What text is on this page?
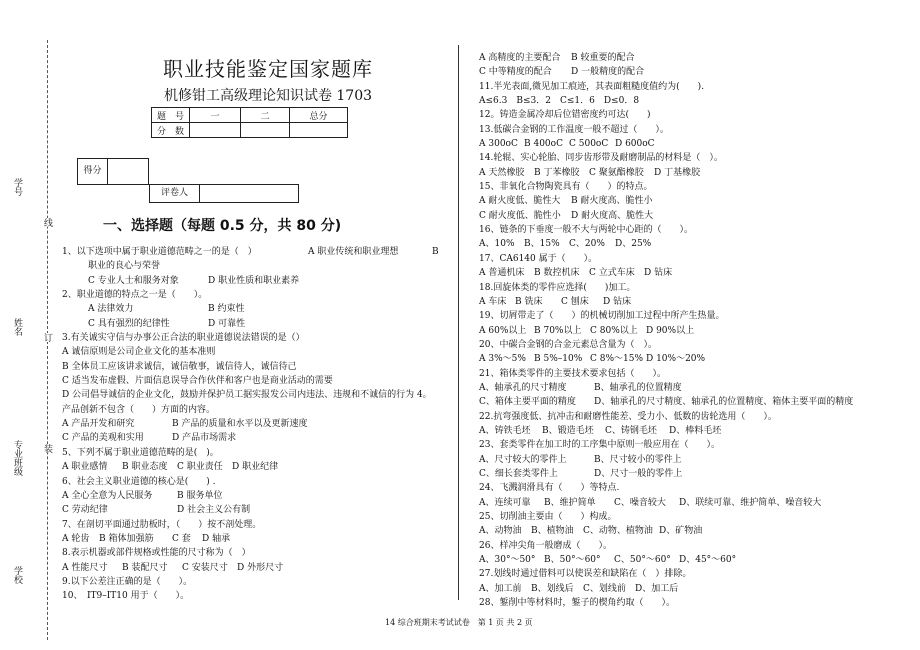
学号
姓名
专业班级
学校
线
订
装
职业技能鉴定国家题库
机修钳工高级理论知识试卷 1703
题　号	一	二	总分
分　数			
得分
评卷人
一、选择题（每题 0.5 分，共 80 分)
1、以下选项中属于职业道德范畴之一的是（　）	A 职业传统和职业理想	B
职业的良心与荣誉
C 专业人士和服务对象	D 职业性质和职业素养
2、职业道德的特点之一是（　　）。
A 法律效力	B 约束性
C 具有强烈的纪律性	D 可靠性
3.有关诚实守信与办事公正合法的职业道德说法错误的是（）
A 诚信原则是公司企业文化的基本准则
B 全体员工应该讲求诚信，诚信敬事，诚信待人，诚信待己
C 适当发布虚假、片面信息误导合作伙伴和客户也是商业活动的需要
D 公司倡导诚信的企业文化，鼓励并保护员工据实报发公司内违法、违规和不诚信的行为 4。
产品创新不包含（　　）方面的内容。
A 产品开发和研究	B 产品的质量和水平以及更新速度
C 产品的美观和实用	D 产品市场需求
5、下列不属于职业道德范畴的是(　)。
A 职业感情 B 职业态度 C 职业责任 D 职业纪律
6、社会主义职业道德的核心是(　　) .
A 全心全意为人民服务	B 服务单位
C 劳动纪律	D 社会主义公有制
7、在剖切平面通过肋板时，（　　）按不剖处理。
A 轮齿 B 箱体加强筋 C 套 D 轴承
8.表示机器或部件规格或性能的尺寸称为（　）
A 性能尺寸 B 装配尺寸 C 安装尺寸 D 外形尺寸
9.以下公差注正确的是（　　）。
10、　IT9–IT10 用于（　　）。
A 高精度的主要配合 B 较重要的配合
C 中等精度的配合 D 一般精度的配合
11.半光表面,微见加工痕迹，其表面粗糙度值约为(　　).
A≤6.3　B≤3．2　C≤1．6　D≤0．8
12。铸造金属冷却后位错密度约可达(　　)
13.低碳合金钢的工作温度一般不超过（　　）。
A 300oC B 400oC C 500oC D 600oC
14.轮辊、实心轮胎、同步齿形带及耐磨制品的材料是（　）。
A 天然橡胶 B 丁苯橡胶 C 聚氨酯橡胶 D 丁基橡胶
15、非氧化合物陶瓷具有（　　）的特点。
A 耐火度低、脆性大 B 耐火度高、脆性小
C 耐火度低、脆性小 D 耐火度高、脆性大
16、链条的下垂度一般不大与两轮中心距的（　　）。
A、10% B、15% C、20% D、25%
17、CA6140 属于（　　）。
A 普通机床 B 数控机床 C 立式车床 D 钻床
18.回旋体类的零件应选择(　　)加工。
A 车床 B 铣床 C 刨床 D 钻床
19、切屑带走了（　　）的机械切削加工过程中所产生热量。
A 60%以上 B 70%以上 C 80%以上 D 90%以上
20、中碳合金钢的合金元素总含量为（　）。
A 3%～5% B 5%–10% C 8%～15% D 10%～20%
21、箱体类零件的主要技术要求包括（　　）。
A、轴承孔的尺寸精度	B、轴承孔的位置精度
C、箱体主要平面的精度 D、轴承孔的尺寸精度、轴承孔的位置精度、箱体主要平面的精度
22.抗弯强度低、抗冲击和耐磨性能差、受力小、低数的齿轮选用（　　）。
A、铸铁毛坯 B、锻造毛坯 C、铸钢毛坯 D、棒料毛坯
23、套类零件在加工时的工序集中原则一般应用在（　　）。
A、尺寸较大的零件上	B、尺寸较小的零件上
C、细长套类零件上	D、尺寸一般的零件上
24、飞溅润滑具有（　　）等特点.
A、连续可靠 B、维护简单 C、噪音较大 D、联续可靠、维护简单、噪音较大
25、切削油主要由（　　）构成。
A、动物油 B、植物油 C、动物、植物油 D、矿物油
26、样冲尖角一般磨成（　　）。
A、30°～50° B、50°～60° C、50°～60° D、45°～60°
27.划线时通过借料可以使误差和缺陷在（　）排除。
A、加工前 B、划线后 C、划线前 D、加工后
28、錾削中等材料时，錾子的楔角约取（　　）。
14 综合班期末考试试卷　第 1 页 共 2 页
